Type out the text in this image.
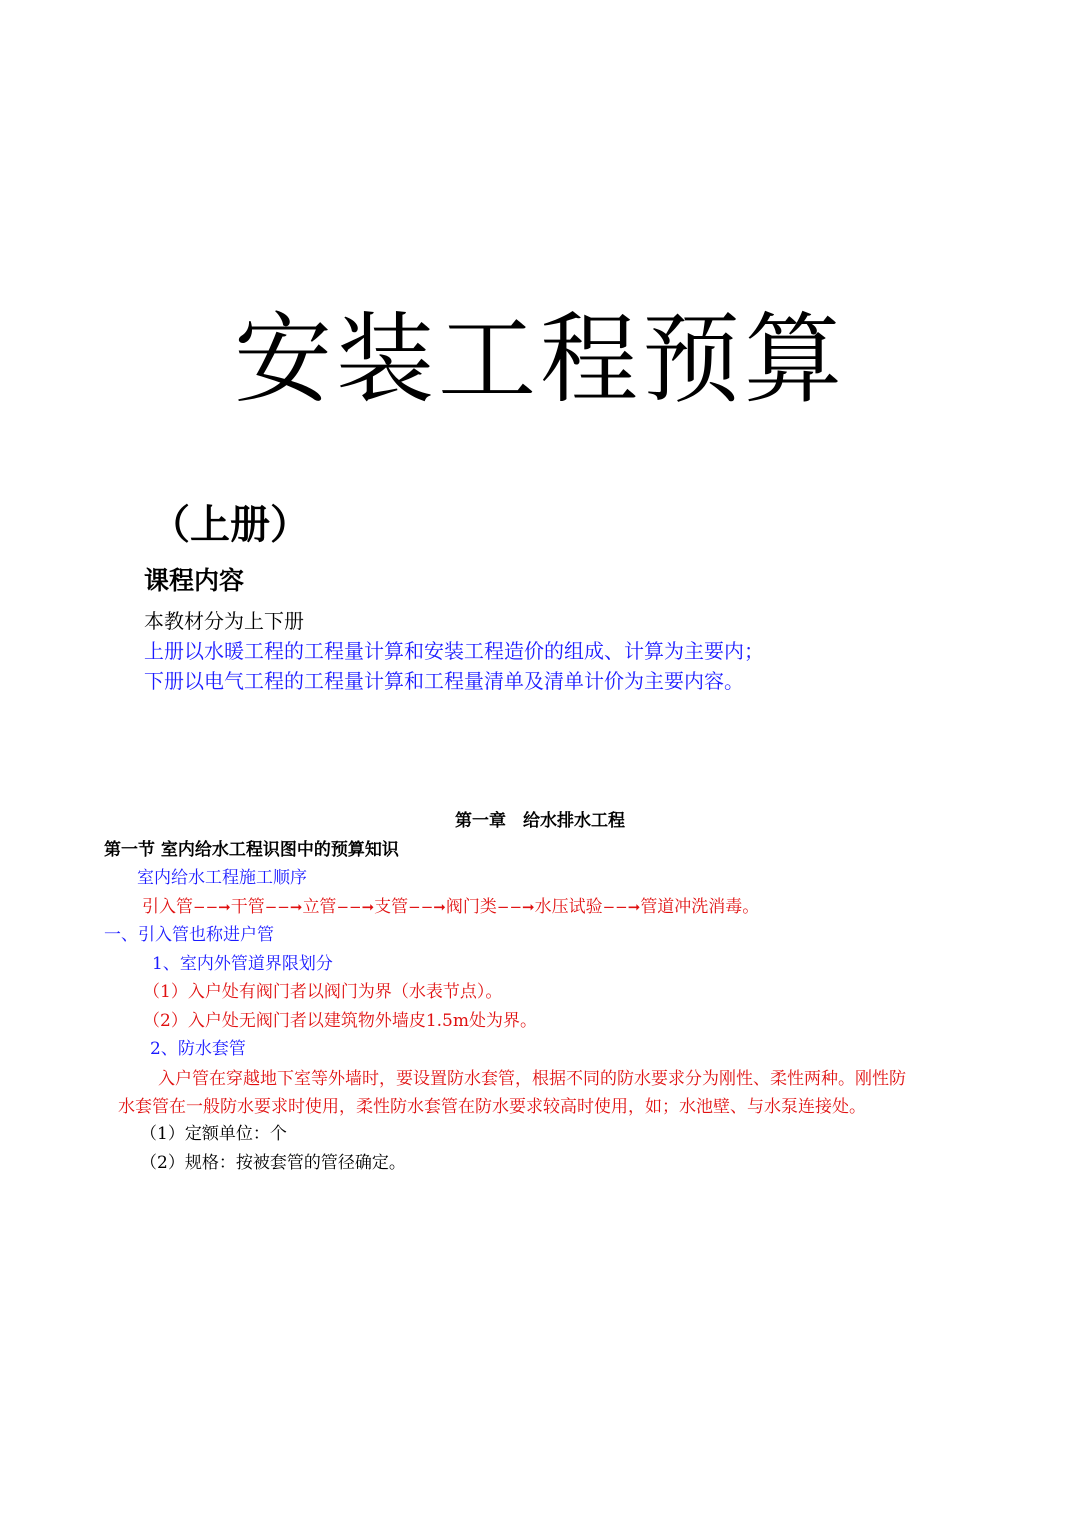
安装工程预算
（上册）
课程内容
本教材分为上下册
上册以水暖工程的工程量计算和安装工程造价的组成、计算为主要内；
下册以电气工程的工程量计算和工程量清单及清单计价为主要内容。
第一章　给水排水工程
第一节 室内给水工程识图中的预算知识
室内给水工程施工顺序
引入管−−➞干管−−➞立管−−➞支管−−➞阀门类−−➞水压试验−−➞管道冲洗消毒。
一、引入管也称进户管
1、室内外管道界限划分
（1）入户处有阀门者以阀门为界（水表节点）。
（2）入户处无阀门者以建筑物外墙皮1.5m处为界。
2、防水套管
入户管在穿越地下室等外墙时，要设置防水套管，根据不同的防水要求分为刚性、柔性两种。刚性防
水套管在一般防水要求时使用，柔性防水套管在防水要求较高时使用，如；水池壁、与水泵连接处。
（1）定额单位：个
（2）规格：按被套管的管径确定。
